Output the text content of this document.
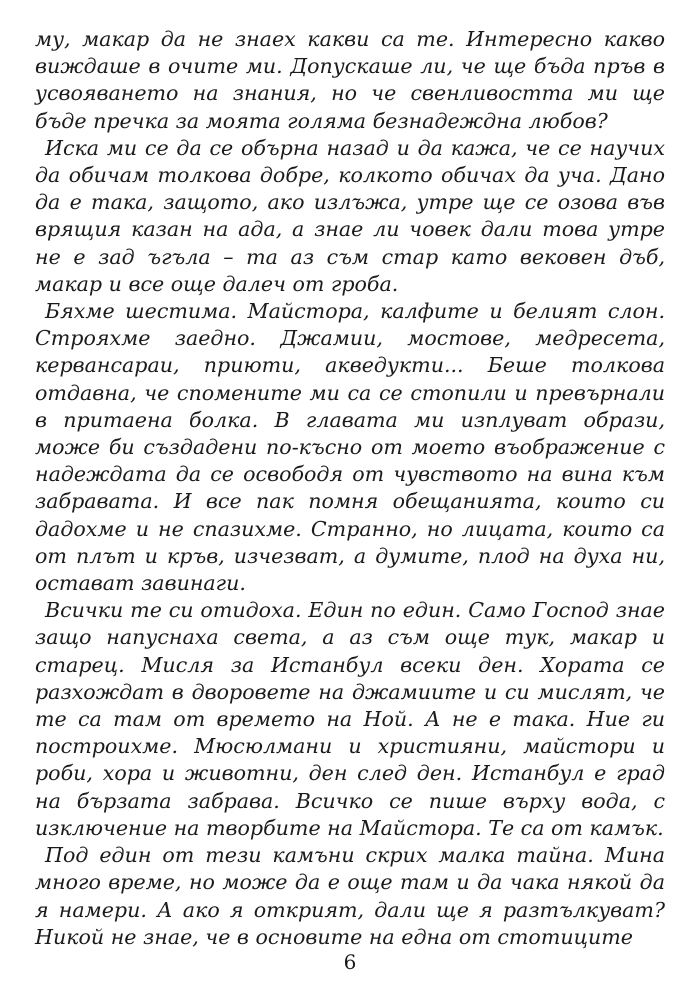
му, макар да не знаех какви са те. Интересно какво виждаше в очите ми. Допускаше ли, че ще бъда пръв в усвояването на знания, но че свенливостта ми ще бъде пречка за моята голяма безнадеждна любов?

Иска ми се да се обърна назад и да кажа, че се научих да обичам толкова добре, колкото обичах да уча. Дано да е така, защото, ако излъжа, утре ще се озова във врящия казан на ада, а знае ли човек дали това утре не е зад ъгъла – та аз съм стар като вековен дъб, макар и все още далеч от гроба.

Бяхме шестима. Майстора, калфите и белият слон. Строяхме заедно. Джамии, мостове, медресета, кервансараи, приюти, акведукти... Беше толкова отдавна, че спомените ми са се стопили и превърнали в притаена болка. В главата ми изплуват образи, може би създадени по-късно от моето въображение с надеждата да се освободя от чувството на вина към забравата. И все пак помня обещанията, които си дадохме и не спазихме. Странно, но лицата, които са от плът и кръв, изчезват, а думите, плод на духа ни, остават завинаги.

Всички те си отидоха. Един по един. Само Господ знае защо напуснаха света, а аз съм още тук, макар и старец. Мисля за Истанбул всеки ден. Хората се разхождат в дворовете на джамиите и си мислят, че те са там от времето на Ной. А не е така. Ние ги построихме. Мюсюлмани и християни, майстори и роби, хора и животни, ден след ден. Истанбул е град на бързата забрава. Всичко се пише върху вода, с изключение на творбите на Майстора. Те са от камък.

Под един от тези камъни скрих малка тайна. Мина много време, но може да е още там и да чака някой да я намери. А ако я открият, дали ще я разтълкуват? Никой не знае, че в основите на една от стотиците

6
